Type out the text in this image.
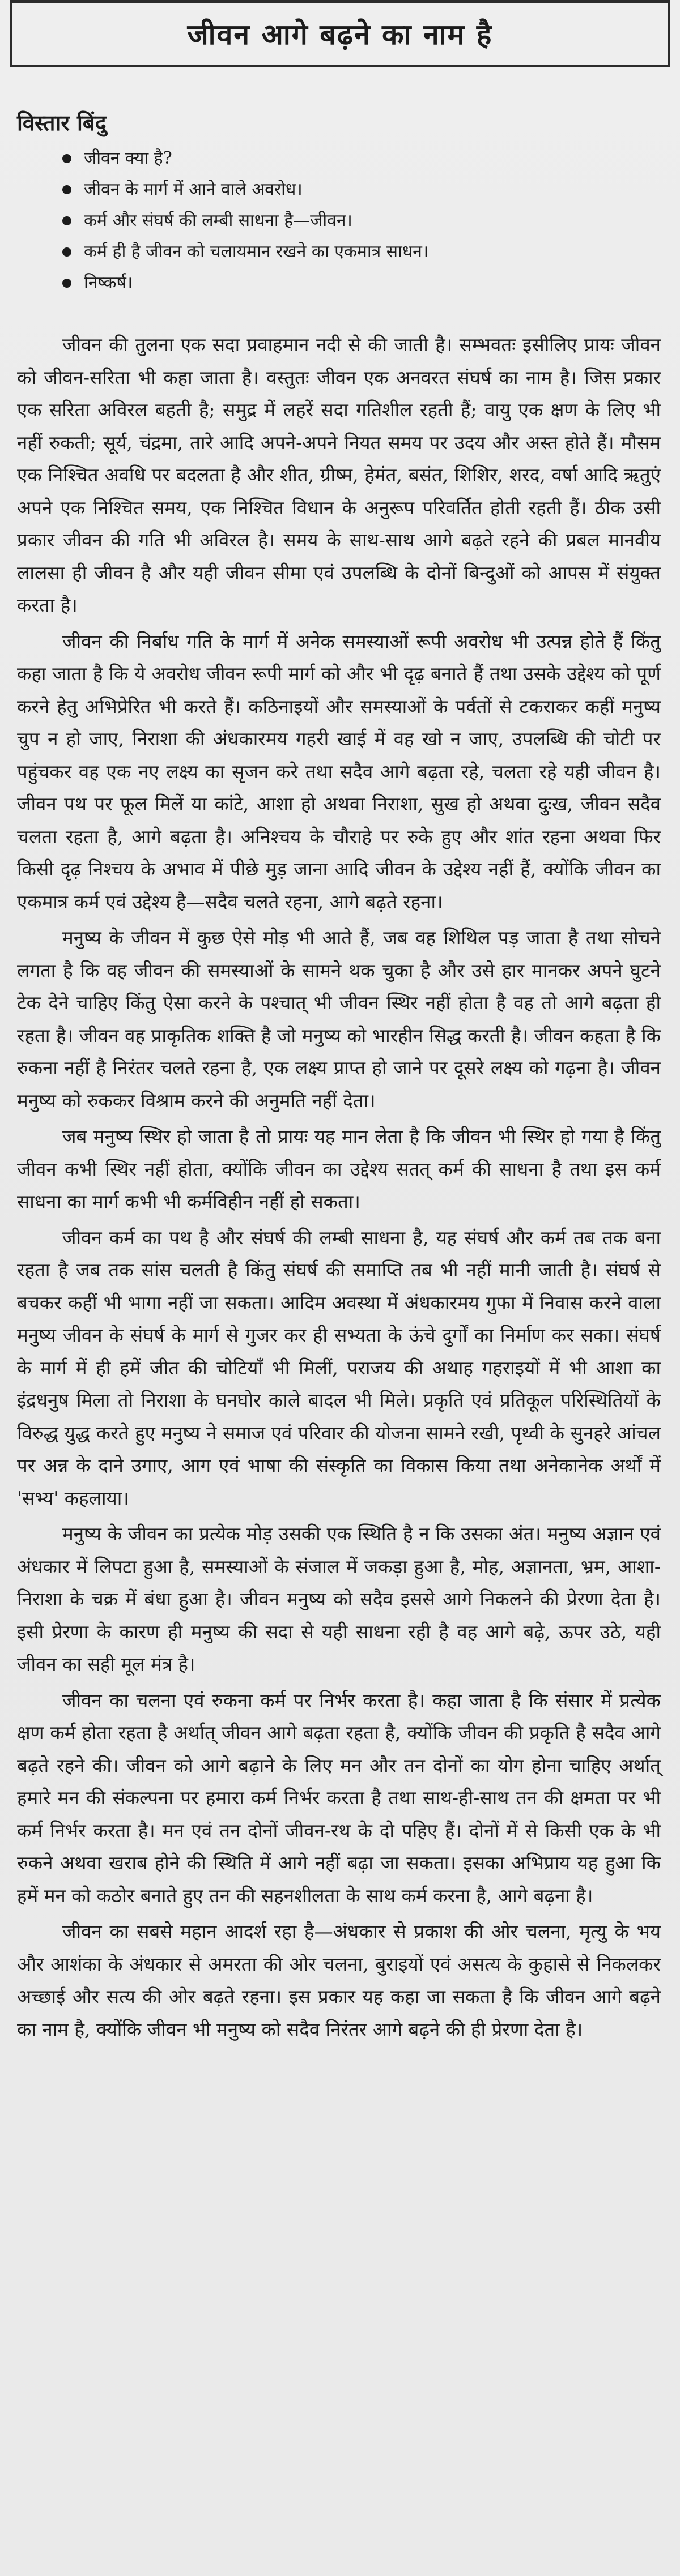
जीवन आगे बढ़ने का नाम है
विस्तार बिंदु
जीवन क्या है?
जीवन के मार्ग में आने वाले अवरोध।
कर्म और संघर्ष की लम्बी साधना है—जीवन।
कर्म ही है जीवन को चलायमान रखने का एकमात्र साधन।
निष्कर्ष।

जीवन की तुलना एक सदा प्रवाहमान नदी से की जाती है। सम्भवतः इसीलिए प्रायः जीवन को जीवन-सरिता भी कहा जाता है। वस्तुतः जीवन एक अनवरत संघर्ष का नाम है। जिस प्रकार एक सरिता अविरल बहती है; समुद्र में लहरें सदा गतिशील रहती हैं; वायु एक क्षण के लिए भी नहीं रुकती; सूर्य, चंद्रमा, तारे आदि अपने-अपने नियत समय पर उदय और अस्त होते हैं। मौसम एक निश्चित अवधि पर बदलता है और शीत, ग्रीष्म, हेमंत, बसंत, शिशिर, शरद, वर्षा आदि ऋतुएं अपने एक निश्चित समय, एक निश्चित विधान के अनुरूप परिवर्तित होती रहती हैं। ठीक उसी प्रकार जीवन की गति भी अविरल है। समय के साथ-साथ आगे बढ़ते रहने की प्रबल मानवीय लालसा ही जीवन है और यही जीवन सीमा एवं उपलब्धि के दोनों बिन्दुओं को आपस में संयुक्त करता है।

जीवन की निर्बाध गति के मार्ग में अनेक समस्याओं रूपी अवरोध भी उत्पन्न होते हैं किंतु कहा जाता है कि ये अवरोध जीवन रूपी मार्ग को और भी दृढ़ बनाते हैं तथा उसके उद्देश्य को पूर्ण करने हेतु अभिप्रेरित भी करते हैं। कठिनाइयों और समस्याओं के पर्वतों से टकराकर कहीं मनुष्य चुप न हो जाए, निराशा की अंधकारमय गहरी खाई में वह खो न जाए, उपलब्धि की चोटी पर पहुंचकर वह एक नए लक्ष्य का सृजन करे तथा सदैव आगे बढ़ता रहे, चलता रहे यही जीवन है। जीवन पथ पर फूल मिलें या कांटे, आशा हो अथवा निराशा, सुख हो अथवा दुःख, जीवन सदैव चलता रहता है, आगे बढ़ता है। अनिश्चय के चौराहे पर रुके हुए और शांत रहना अथवा फिर किसी दृढ़ निश्चय के अभाव में पीछे मुड़ जाना आदि जीवन के उद्देश्य नहीं हैं, क्योंकि जीवन का एकमात्र कर्म एवं उद्देश्य है—सदैव चलते रहना, आगे बढ़ते रहना।

मनुष्य के जीवन में कुछ ऐसे मोड़ भी आते हैं, जब वह शिथिल पड़ जाता है तथा सोचने लगता है कि वह जीवन की समस्याओं के सामने थक चुका है और उसे हार मानकर अपने घुटने टेक देने चाहिए किंतु ऐसा करने के पश्चात् भी जीवन स्थिर नहीं होता है वह तो आगे बढ़ता ही रहता है। जीवन वह प्राकृतिक शक्ति है जो मनुष्य को भारहीन सिद्ध करती है। जीवन कहता है कि रुकना नहीं है निरंतर चलते रहना है, एक लक्ष्य प्राप्त हो जाने पर दूसरे लक्ष्य को गढ़ना है। जीवन मनुष्य को रुककर विश्राम करने की अनुमति नहीं देता।

जब मनुष्य स्थिर हो जाता है तो प्रायः यह मान लेता है कि जीवन भी स्थिर हो गया है किंतु जीवन कभी स्थिर नहीं होता, क्योंकि जीवन का उद्देश्य सतत् कर्म की साधना है तथा इस कर्म साधना का मार्ग कभी भी कर्मविहीन नहीं हो सकता।

जीवन कर्म का पथ है और संघर्ष की लम्बी साधना है, यह संघर्ष और कर्म तब तक बना रहता है जब तक सांस चलती है किंतु संघर्ष की समाप्ति तब भी नहीं मानी जाती है। संघर्ष से बचकर कहीं भी भागा नहीं जा सकता। आदिम अवस्था में अंधकारमय गुफा में निवास करने वाला मनुष्य जीवन के संघर्ष के मार्ग से गुजर कर ही सभ्यता के ऊंचे दुर्गों का निर्माण कर सका। संघर्ष के मार्ग में ही हमें जीत की चोटियाँ भी मिलीं, पराजय की अथाह गहराइयों में भी आशा का इंद्रधनुष मिला तो निराशा के घनघोर काले बादल भी मिले। प्रकृति एवं प्रतिकूल परिस्थितियों के विरुद्ध युद्ध करते हुए मनुष्य ने समाज एवं परिवार की योजना सामने रखी, पृथ्वी के सुनहरे आंचल पर अन्न के दाने उगाए, आग एवं भाषा की संस्कृति का विकास किया तथा अनेकानेक अर्थों में 'सभ्य' कहलाया।

मनुष्य के जीवन का प्रत्येक मोड़ उसकी एक स्थिति है न कि उसका अंत। मनुष्य अज्ञान एवं अंधकार में लिपटा हुआ है, समस्याओं के संजाल में जकड़ा हुआ है, मोह, अज्ञानता, भ्रम, आशा-निराशा के चक्र में बंधा हुआ है। जीवन मनुष्य को सदैव इससे आगे निकलने की प्रेरणा देता है। इसी प्रेरणा के कारण ही मनुष्य की सदा से यही साधना रही है वह आगे बढ़े, ऊपर उठे, यही जीवन का सही मूल मंत्र है।

जीवन का चलना एवं रुकना कर्म पर निर्भर करता है। कहा जाता है कि संसार में प्रत्येक क्षण कर्म होता रहता है अर्थात् जीवन आगे बढ़ता रहता है, क्योंकि जीवन की प्रकृति है सदैव आगे बढ़ते रहने की। जीवन को आगे बढ़ाने के लिए मन और तन दोनों का योग होना चाहिए अर्थात् हमारे मन की संकल्पना पर हमारा कर्म निर्भर करता है तथा साथ-ही-साथ तन की क्षमता पर भी कर्म निर्भर करता है। मन एवं तन दोनों जीवन-रथ के दो पहिए हैं। दोनों में से किसी एक के भी रुकने अथवा खराब होने की स्थिति में आगे नहीं बढ़ा जा सकता। इसका अभिप्राय यह हुआ कि हमें मन को कठोर बनाते हुए तन की सहनशीलता के साथ कर्म करना है, आगे बढ़ना है।

जीवन का सबसे महान आदर्श रहा है—अंधकार से प्रकाश की ओर चलना, मृत्यु के भय और आशंका के अंधकार से अमरता की ओर चलना, बुराइयों एवं असत्य के कुहासे से निकलकर अच्छाई और सत्य की ओर बढ़ते रहना। इस प्रकार यह कहा जा सकता है कि जीवन आगे बढ़ने का नाम है, क्योंकि जीवन भी मनुष्य को सदैव निरंतर आगे बढ़ने की ही प्रेरणा देता है।
